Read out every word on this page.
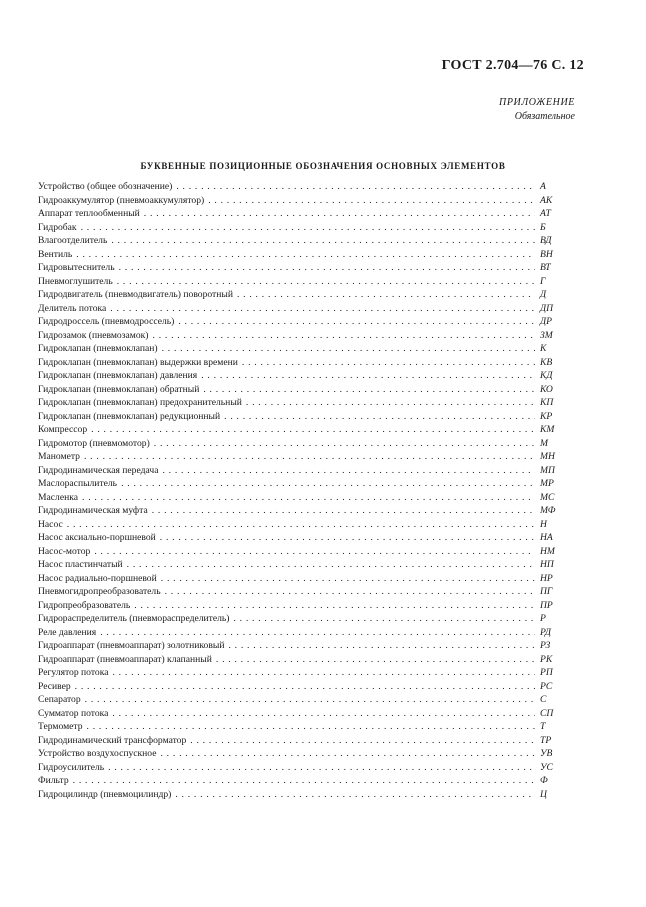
ГОСТ 2.704—76 С. 12
ПРИЛОЖЕНИЕ
Обязательное
БУКВЕННЫЕ ПОЗИЦИОННЫЕ ОБОЗНАЧЕНИЯ ОСНОВНЫХ ЭЛЕМЕНТОВ
Устройство (общее обозначение) . . .	А
Гидроаккумулятор (пневмоаккумулятор) . . .	АК
Аппарат теплообменный . . .	АТ
Гидробак . . .	Б
Влагоотделитель . . .	ВД
Вентиль . . .	ВН
Гидровытеснитель . . .	ВТ
Пневмоглушитель . . .	Г
Гидродвигатель (пневмодвигатель) поворотный . . .	Д
Делитель потока . . .	ДП
Гидродроссель (пневмодроссель) . . .	ДР
Гидрозамок (пневмозамок) . . .	ЗМ
Гидроклапан (пневмоклапан) . . .	К
Гидроклапан (пневмоклапан) выдержки времени . . .	КВ
Гидроклапан (пневмоклапан) давления . . .	КД
Гидроклапан (пневмоклапан) обратный . . .	КО
Гидроклапан (пневмоклапан) предохранительный . . .	КП
Гидроклапан (пневмоклапан) редукционный . . .	КР
Компрессор . . .	КМ
Гидромотор (пневмомотор) . . .	М
Манометр . . .	МН
Гидродинамическая передача . . .	МП
Маслораспылитель . . .	МР
Масленка . . .	МС
Гидродинамическая муфта . . .	МФ
Насос . . .	Н
Насос аксиально-поршневой . . .	НА
Насос-мотор . . .	НМ
Насос пластинчатый . . .	НП
Насос радиально-поршневой . . .	НР
Пневмогидропреобразователь . . .	ПГ
Гидропреобразователь . . .	ПР
Гидрораспределитель (пневмораспределитель) . . .	Р
Реле давления . . .	РД
Гидроаппарат (пневмоаппарат) золотниковый . . .	РЗ
Гидроаппарат (пневмоаппарат) клапанный . . .	РК
Регулятор потока . . .	РП
Ресивер . . .	РС
Сепаратор . . .	С
Сумматор потока . . .	СП
Термометр . . .	Т
Гидродинамический трансформатор . . .	ТР
Устройство воздухоспускное . . .	УВ
Гидроусилитель . . .	УС
Фильтр . . .	Ф
Гидроцилиндр (пневмоцилиндр) . . .	Ц
